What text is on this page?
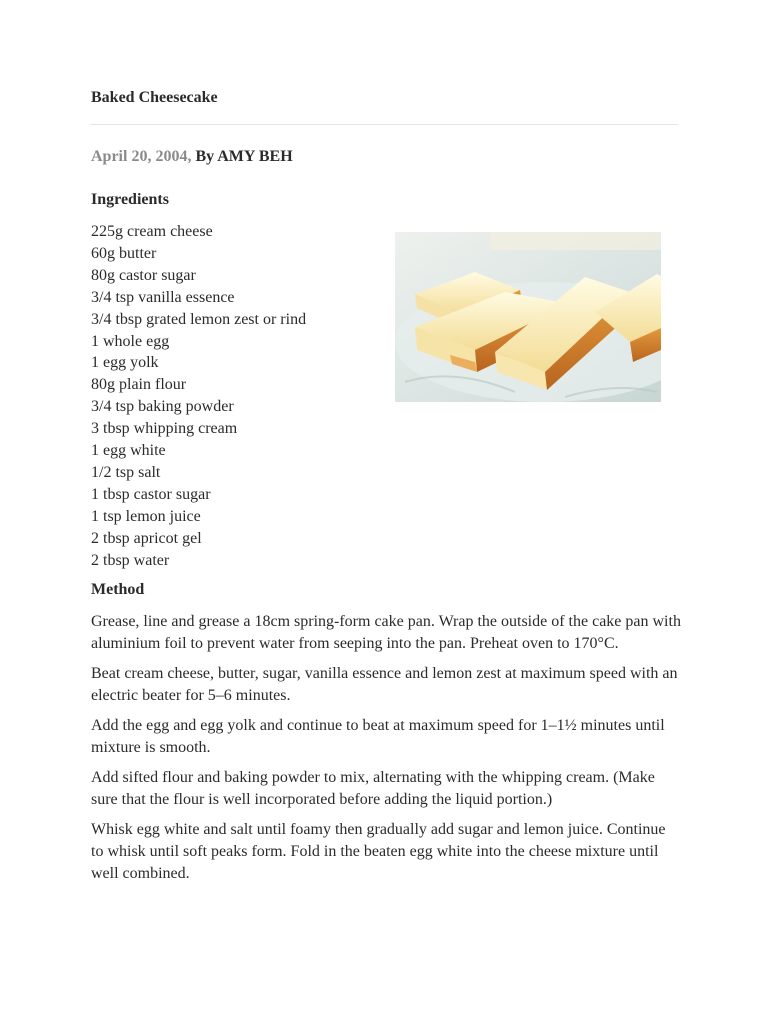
Baked Cheesecake
April 20, 2004, By AMY BEH
Ingredients
225g cream cheese
60g butter
80g castor sugar
3/4 tsp vanilla essence
3/4 tbsp grated lemon zest or rind
1 whole egg
1 egg yolk
80g plain flour
3/4 tsp baking powder
3 tbsp whipping cream
1 egg white
1/2 tsp salt
1 tbsp castor sugar
1 tsp lemon juice
2 tbsp apricot gel
2 tbsp water
Method

Grease, line and grease a 18cm spring-form cake pan. Wrap the outside of the cake pan with aluminium foil to prevent water from seeping into the pan. Preheat oven to 170°C.

Beat cream cheese, butter, sugar, vanilla essence and lemon zest at maximum speed with an electric beater for 5–6 minutes.

Add the egg and egg yolk and continue to beat at maximum speed for 1–1½ minutes until mixture is smooth.

Add sifted flour and baking powder to mix, alternating with the whipping cream. (Make sure that the flour is well incorporated before adding the liquid portion.)

Whisk egg white and salt until foamy then gradually add sugar and lemon juice. Continue to whisk until soft peaks form. Fold in the beaten egg white into the cheese mixture until well combined.
